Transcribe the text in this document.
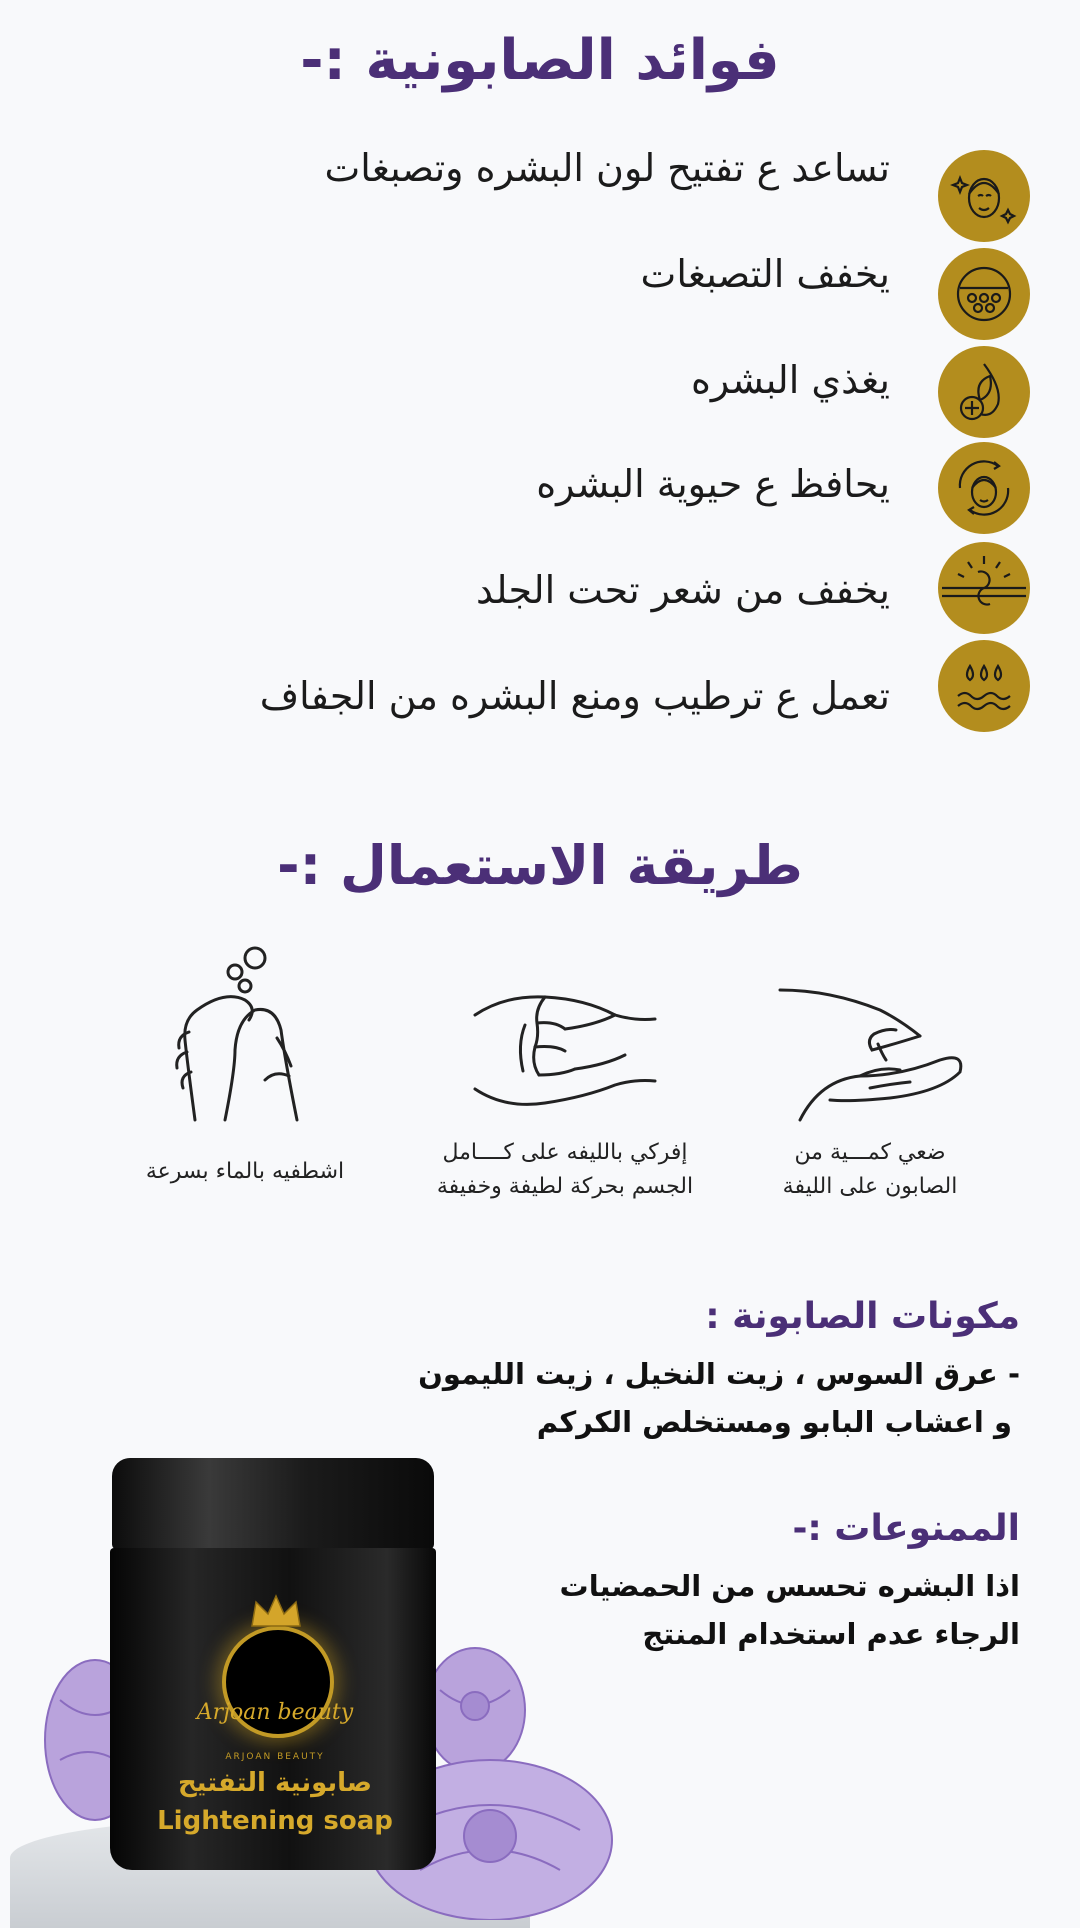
فوائد الصابونية :-
تساعد ع تفتيح لون البشره وتصبغات
يخفف التصبغات
يغذي البشره
يحافظ ع حيوية البشره
يخفف من شعر تحت الجلد
تعمل ع ترطيب ومنع البشره من الجفاف
طريقة الاستعمال :-
ضعي كمـــية من
الصابون على الليفة
إفركي بالليفه على كــــامل
الجسم بحركة لطيفة وخفيفة
اشطفيه بالماء بسرعة
مكونات الصابونة :
- عرق السوس ، زيت النخيل ، زيت الليمون
و اعشاب البابو ومستخلص الكركم
الممنوعات :-
اذا البشره تحسس من الحمضيات
الرجاء عدم استخدام المنتج
Arjoan beauty
ARJOAN BEAUTY
صابونية التفتيح
Lightening soap
